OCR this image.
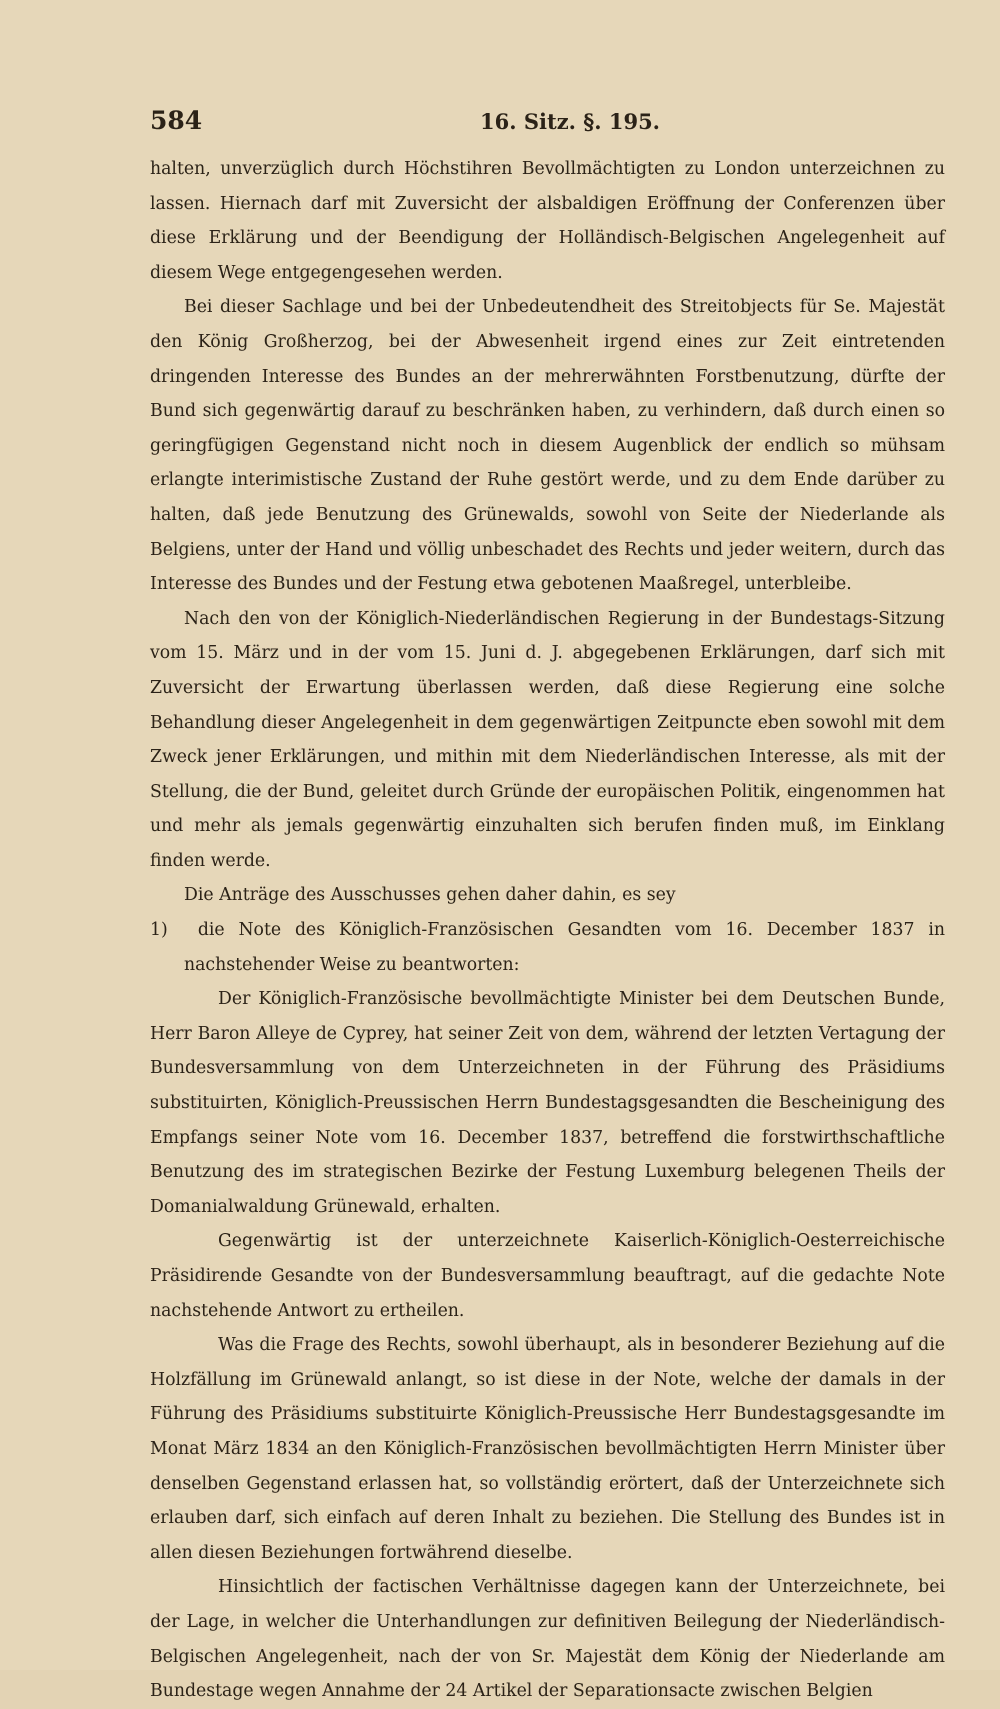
584	16. Sitz. §. 195.

halten, unverzüglich durch Höchstihren Bevollmächtigten zu London unterzeichnen zu lassen. Hiernach darf mit Zuversicht der alsbaldigen Eröffnung der Conferenzen über diese Erklärung und der Beendigung der Holländisch-Belgischen Angelegenheit auf diesem Wege entgegengesehen werden.

Bei dieser Sachlage und bei der Unbedeutendheit des Streitobjects für Se. Majestät den König Großherzog, bei der Abwesenheit irgend eines zur Zeit eintretenden dringenden Interesse des Bundes an der mehrerwähnten Forstbenutzung, dürfte der Bund sich gegenwärtig darauf zu beschränken haben, zu verhindern, daß durch einen so geringfügigen Gegenstand nicht noch in diesem Augenblick der endlich so mühsam erlangte interimistische Zustand der Ruhe gestört werde, und zu dem Ende darüber zu halten, daß jede Benutzung des Grünewalds, sowohl von Seite der Niederlande als Belgiens, unter der Hand und völlig unbeschadet des Rechts und jeder weitern, durch das Interesse des Bundes und der Festung etwa gebotenen Maaßregel, unterbleibe.

Nach den von der Königlich-Niederländischen Regierung in der Bundestags-Sitzung vom 15. März und in der vom 15. Juni d. J. abgegebenen Erklärungen, darf sich mit Zuversicht der Erwartung überlassen werden, daß diese Regierung eine solche Behandlung dieser Angelegenheit in dem gegenwärtigen Zeitpuncte eben sowohl mit dem Zweck jener Erklärungen, und mithin mit dem Niederländischen Interesse, als mit der Stellung, die der Bund, geleitet durch Gründe der europäischen Politik, eingenommen hat und mehr als jemals gegenwärtig einzuhalten sich berufen finden muß, im Einklang finden werde.

Die Anträge des Ausschusses gehen daher dahin, es sey

1) die Note des Königlich-Französischen Gesandten vom 16. December 1837 in nachstehender Weise zu beantworten:

Der Königlich-Französische bevollmächtigte Minister bei dem Deutschen Bunde, Herr Baron Alleye de Cyprey, hat seiner Zeit von dem, während der letzten Vertagung der Bundesversammlung von dem Unterzeichneten in der Führung des Präsidiums substituirten, Königlich-Preussischen Herrn Bundestagsgesandten die Bescheinigung des Empfangs seiner Note vom 16. December 1837, betreffend die forstwirthschaftliche Benutzung des im strategischen Bezirke der Festung Luxemburg belegenen Theils der Domanialwaldung Grünewald, erhalten.

Gegenwärtig ist der unterzeichnete Kaiserlich-Königlich-Oesterreichische Präsidirende Gesandte von der Bundesversammlung beauftragt, auf die gedachte Note nachstehende Antwort zu ertheilen.

Was die Frage des Rechts, sowohl überhaupt, als in besonderer Beziehung auf die Holzfällung im Grünewald anlangt, so ist diese in der Note, welche der damals in der Führung des Präsidiums substituirte Königlich-Preussische Herr Bundestagsgesandte im Monat März 1834 an den Königlich-Französischen bevollmächtigten Herrn Minister über denselben Gegenstand erlassen hat, so vollständig erörtert, daß der Unterzeichnete sich erlauben darf, sich einfach auf deren Inhalt zu beziehen. Die Stellung des Bundes ist in allen diesen Beziehungen fortwährend dieselbe.

Hinsichtlich der factischen Verhältnisse dagegen kann der Unterzeichnete, bei der Lage, in welcher die Unterhandlungen zur definitiven Beilegung der Niederländisch-Belgischen Angelegenheit, nach der von Sr. Majestät dem König der Niederlande am Bundestage wegen Annahme der 24 Artikel der Separationsacte zwischen Belgien
